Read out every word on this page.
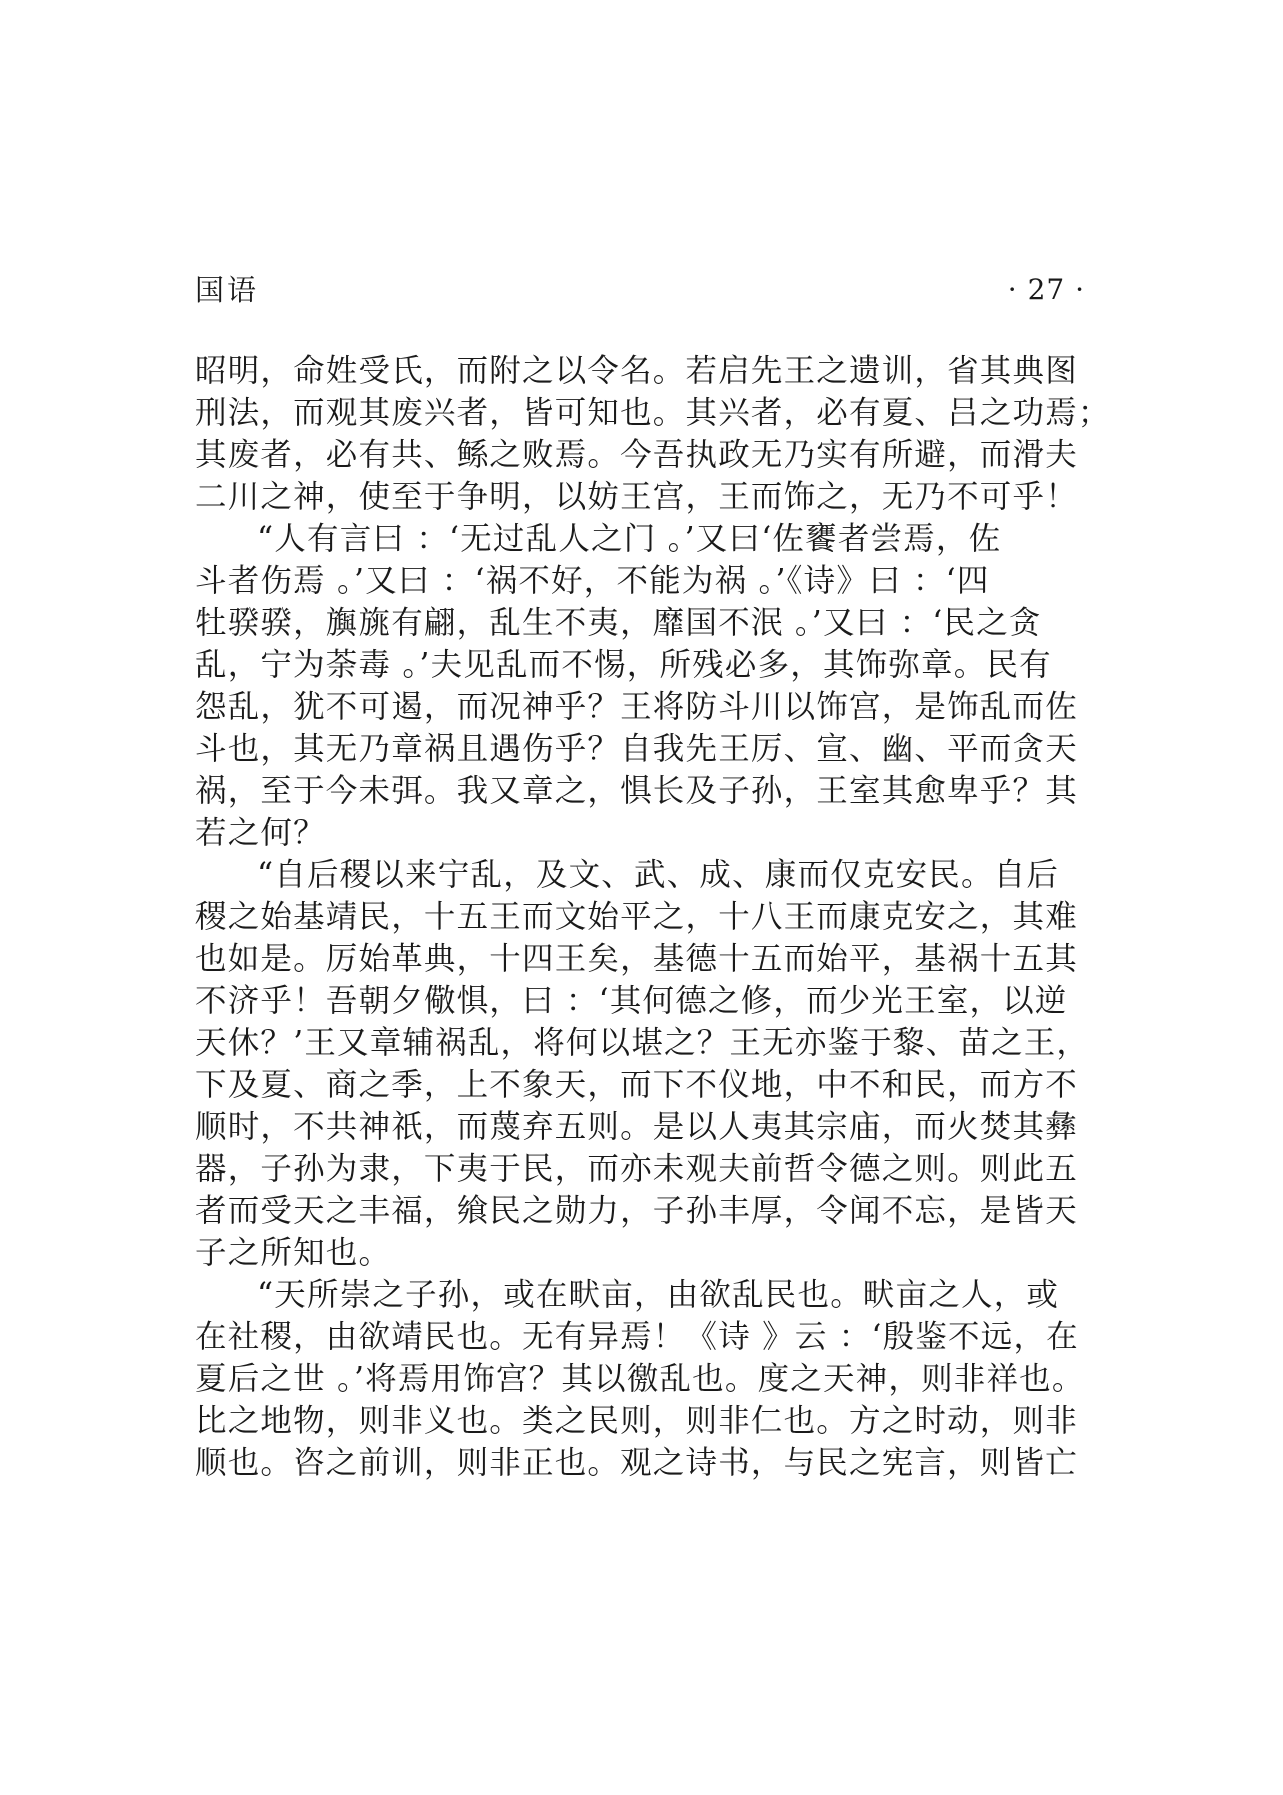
国语	· 27 ·
昭明，命姓受氏，而附之以令名。若启先王之遗训，省其典图
刑法，而观其废兴者，皆可知也。其兴者，必有夏、吕之功焉；
其废者，必有共、鲧之败焉。今吾执政无乃实有所避，而滑夫
二川之神，使至于争明，以妨王宫，王而饰之，无乃不可乎！
“人有言曰 ：‘无过乱人之门 。’又曰‘佐饔者尝焉，佐
斗者伤焉 。’又曰 ：‘祸不好，不能为祸 。’《诗》曰 ：‘四
牡骙骙，旟旐有翩，乱生不夷，靡国不泯 。’又曰 ：‘民之贪
乱，宁为荼毒 。’夫见乱而不惕，所残必多，其饰弥章。民有
怨乱，犹不可遏，而况神乎？王将防斗川以饰宫，是饰乱而佐
斗也，其无乃章祸且遇伤乎？自我先王厉、宣、幽、平而贪天
祸，至于今未弭。我又章之，惧长及子孙，王室其愈卑乎？其
若之何？
“自后稷以来宁乱，及文、武、成、康而仅克安民。自后
稷之始基靖民，十五王而文始平之，十八王而康克安之，其难
也如是。厉始革典，十四王矣，基德十五而始平，基祸十五其
不济乎！吾朝夕儆惧，曰 ：‘其何德之修，而少光王室，以逆
天休？’王又章辅祸乱，将何以堪之？王无亦鉴于黎、苗之王，
下及夏、商之季，上不象天，而下不仪地，中不和民，而方不
顺时，不共神祇，而蔑弃五则。是以人夷其宗庙，而火焚其彝
器，子孙为隶，下夷于民，而亦未观夫前哲令德之则。则此五
者而受天之丰福，飨民之勋力，子孙丰厚，令闻不忘，是皆天
子之所知也。
“天所崇之子孙，或在畎亩，由欲乱民也。畎亩之人，或
在社稷，由欲靖民也。无有异焉！《诗 》云 ：‘殷鉴不远，在
夏后之世 。’将焉用饰宫？其以徼乱也。度之天神，则非祥也。
比之地物，则非义也。类之民则，则非仁也。方之时动，则非
顺也。咨之前训，则非正也。观之诗书，与民之宪言，则皆亡
